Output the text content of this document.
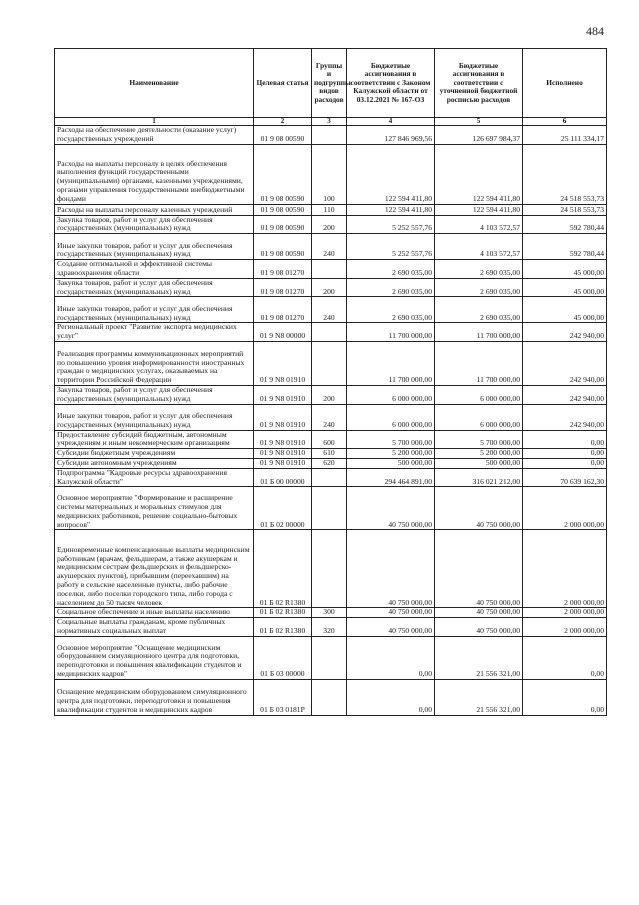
484
Наименование	Целевая статья	Группы и подгруппы видов расходов	Бюджетные ассигнования в соответствии с Законом Калужской области от 03.12.2021 № 167-ОЗ	Бюджетные ассигнования в соответствии с уточненной бюджетной росписью расходов	Исполнено
1	2	3	4	5	6
Расходы на обеспечение деятельности (оказание услуг) государственных учреждений	01 9 08 00590		127 846 969,56	126 697 984,37	25 111 334,17
Расходы на выплаты персоналу в целях обеспечения выполнения функций государственными (муниципальными) органами, казенными учреждениями, органами управления государственными внебюджетными фондами	01 9 08 00590	100	122 594 411,80	122 594 411,80	24 518 553,73
Расходы на выплаты персоналу казенных учреждений	01 9 08 00590	110	122 594 411,80	122 594 411,80	24 518 553,73
Закупка товаров, работ и услуг для обеспечения государственных (муниципальных) нужд	01 9 08 00590	200	5 252 557,76	4 103 572,57	592 780,44
Иные закупки товаров, работ и услуг для обеспечения государственных (муниципальных) нужд	01 9 08 00590	240	5 252 557,76	4 103 572,57	592 780,44
Создание оптимальной и эффективной системы здравоохранения области	01 9 08 01270		2 690 035,00	2 690 035,00	45 000,00
Закупка товаров, работ и услуг для обеспечения государственных (муниципальных) нужд	01 9 08 01270	200	2 690 035,00	2 690 035,00	45 000,00
Иные закупки товаров, работ и услуг для обеспечения государственных (муниципальных) нужд	01 9 08 01270	240	2 690 035,00	2 690 035,00	45 000,00
Региональный проект "Развитие экспорта медицинских услуг"	01 9 N8 00000		11 700 000,00	11 700 000,00	242 940,00
Реализация программы коммуникационных мероприятий по повышению уровня информированности иностранных граждан о медицинских услугах, оказываемых на территории Российской Федерации	01 9 N8 01910		11 700 000,00	11 700 000,00	242 940,00
Закупка товаров, работ и услуг для обеспечения государственных (муниципальных) нужд	01 9 N8 01910	200	6 000 000,00	6 000 000,00	242 940,00
Иные закупки товаров, работ и услуг для обеспечения государственных (муниципальных) нужд	01 9 N8 01910	240	6 000 000,00	6 000 000,00	242 940,00
Предоставление субсидий бюджетным, автономным учреждениям и иным некоммерческим организациям	01 9 N8 01910	600	5 700 000,00	5 700 000,00	0,00
Субсидии бюджетным учреждениям	01 9 N8 01910	610	5 200 000,00	5 200 000,00	0,00
Субсидии автономным учреждениям	01 9 N8 01910	620	500 000,00	500 000,00	0,00
Подпрограмма "Кадровые ресурсы здравоохранения Калужской области"	01 Б 00 00000		294 464 891,00	316 021 212,00	70 639 162,30
Основное мероприятие "Формирование и расширение системы материальных и моральных стимулов для медицинских работников, решение социально-бытовых вопросов"	01 Б 02 00000		40 750 000,00	40 750 000,00	2 000 000,00
Единовременные компенсационные выплаты медицинским работникам (врачам, фельдшерам, а также акушеркам и медицинским сестрам фельдшерских и фельдшерско-акушерских пунктов), прибывшим (переехавшим) на работу в сельские населенные пункты, либо рабочие поселки, либо поселки городского типа, либо города с населением до 50 тысяч человек	01 Б 02 R1380		40 750 000,00	40 750 000,00	2 000 000,00
Социальное обеспечение и иные выплаты населению	01 Б 02 R1380	300	40 750 000,00	40 750 000,00	2 000 000,00
Социальные выплаты гражданам, кроме публичных нормативных социальных выплат	01 Б 02 R1380	320	40 750 000,00	40 750 000,00	2 000 000,00
Основное мероприятие "Оснащение медицинским оборудованием симуляционного центра для подготовки, переподготовки и повышения квалификации студентов и медицинских кадров"	01 Б 03 00000		0,00	21 556 321,00	0,00
Оснащение медицинским оборудованием симуляционного центра для подготовки, переподготовки и повышения квалификации студентов и медицинских кадров	01 Б 03 0181P		0,00	21 556 321,00	0,00
